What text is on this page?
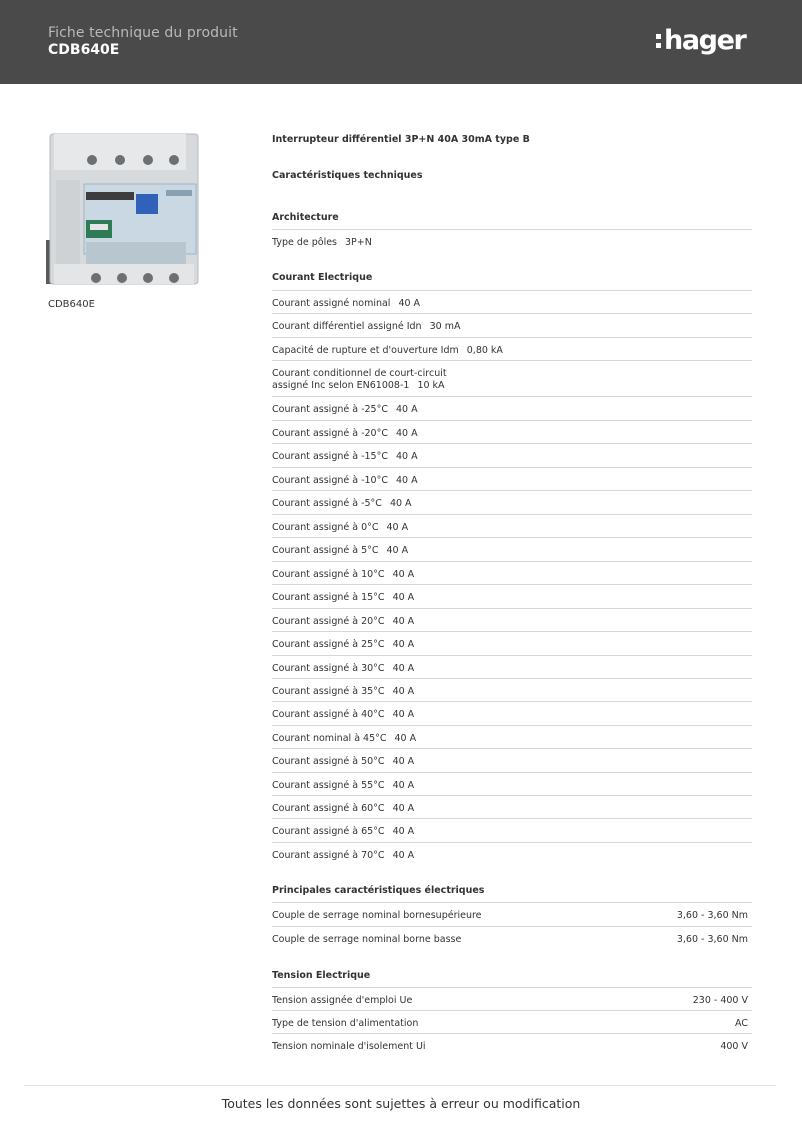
Fiche technique du produit
CDB640E	hager
CDB640E
Interrupteur différentiel 3P+N 40A 30mA type B
Caractéristiques techniques
Architecture
Type de pôles 3P+N
Courant Electrique
Courant assigné nominal 40 A
Courant différentiel assigné Idn 30 mA
Capacité de rupture et d'ouverture Idm 0,80 kA
Courant conditionnel de court-circuit
assigné Inc selon EN61008-1 10 kA
Courant assigné à -25°C 40 A
Courant assigné à -20°C 40 A
Courant assigné à -15°C 40 A
Courant assigné à -10°C 40 A
Courant assigné à -5°C 40 A
Courant assigné à 0°C 40 A
Courant assigné à 5°C 40 A
Courant assigné à 10°C 40 A
Courant assigné à 15°C 40 A
Courant assigné à 20°C 40 A
Courant assigné à 25°C 40 A
Courant assigné à 30°C 40 A
Courant assigné à 35°C 40 A
Courant assigné à 40°C 40 A
Courant nominal à 45°C 40 A
Courant assigné à 50°C 40 A
Courant assigné à 55°C 40 A
Courant assigné à 60°C 40 A
Courant assigné à 65°C 40 A
Courant assigné à 70°C 40 A
Principales caractéristiques électriques
Couple de serrage nominal bornesupérieure	3,60 - 3,60 Nm
Couple de serrage nominal borne basse	3,60 - 3,60 Nm
Tension Electrique
Tension assignée d'emploi Ue	230 - 400 V
Type de tension d'alimentation	AC
Tension nominale d'isolement Ui	400 V
Toutes les données sont sujettes à erreur ou modification
